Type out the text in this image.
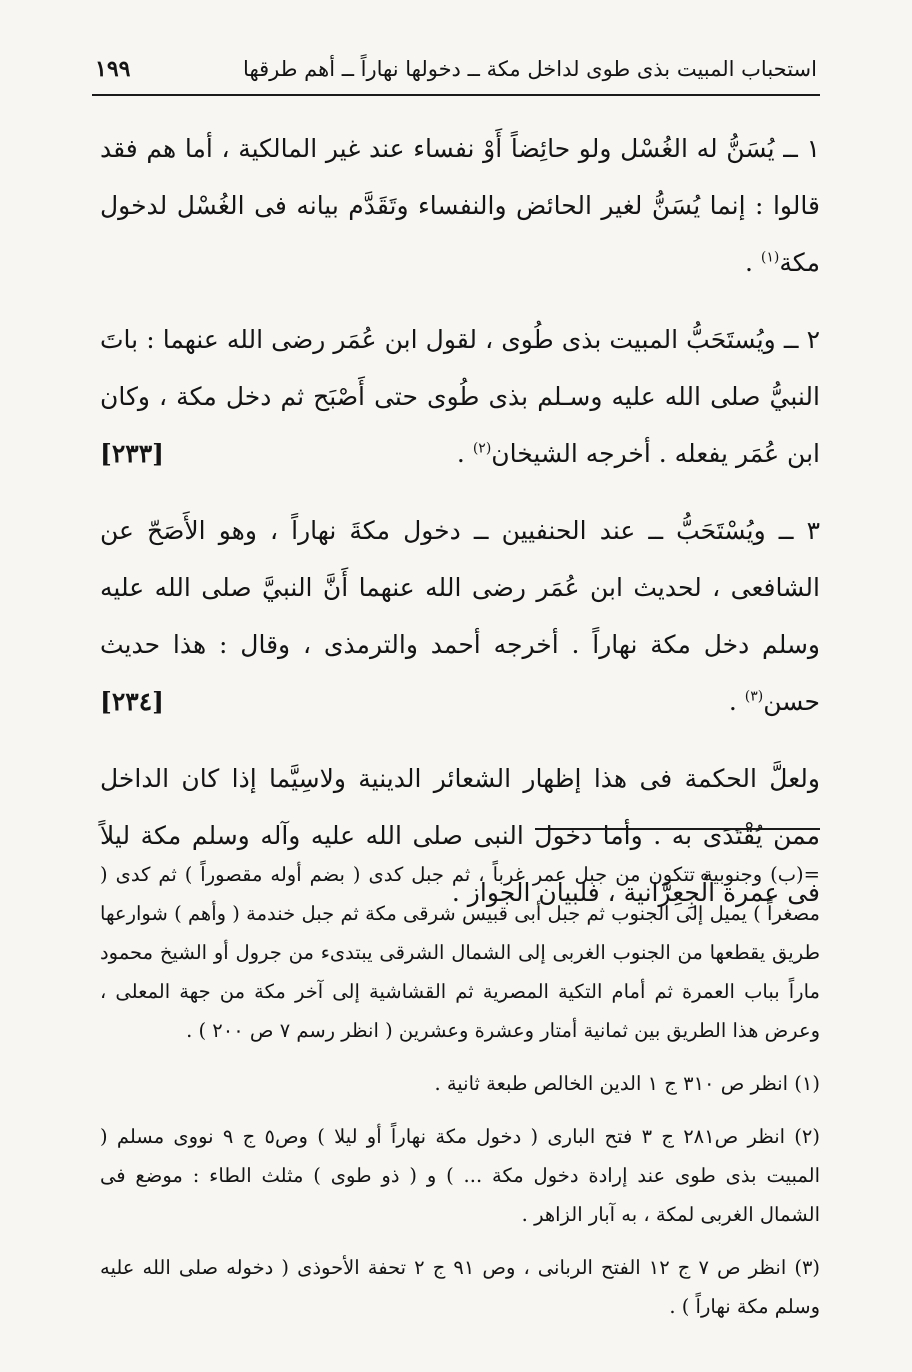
استحباب المبيت بذى طوى لداخل مكة ــ دخولها نهاراً ــ أهم طرقها
١٩٩

١ ــ يُسَنُّ له الغُسْل ولو حائِضاً أَوْ نفساء عند غير المالكية ، أما هم فقد قالوا : إنما يُسَنُّ لغير الحائض والنفساء وتَقَدَّم بيانه فى الغُسْل لدخول مكة$^{(١)}$ .

٢ ــ ويُستَحَبُّ المبيت بذى طُوى ، لقول ابن عُمَر رضى الله عنهما : باتَ النبيُّ صلى الله عليه وسـلم بذى طُوى حتى أَصْبَح ثم دخل مكة ، وكان ابن عُمَر يفعله . أخرجه الشيخان$^{(٢)}$ .
[٢٣٣]

٣ ــ ويُسْتَحَبُّ ــ عند الحنفيين ــ دخول مكةَ نهاراً ، وهو الأَصَحّ عن الشافعى ، لحديث ابن عُمَر رضى الله عنهما أَنَّ النبيَّ صلى الله عليه وسلم دخل مكة نهاراً . أخرجه أحمد والترمذى ، وقال : هذا حديث حسن$^{(٣)}$ .
[٢٣٤]

ولعلَّ الحكمة فى هذا إظهار الشعائر الدينية ولاسِيَّما إذا كان الداخل ممن يُقْتَدَى به . وأما دخول النبى صلى الله عليه وآله وسلم مكة ليلاً فى عمرة الْجِعِرَّانية ، فلبيان الجواز .

=(ب) وجنوبية تتكون من جبل عمر غرباً ، ثم جبل كدى ( بضم أوله مقصوراً ) ثم كدى ( مصغراً ) يميل إلى الجنوب ثم جبل أبى قبيس شرقى مكة ثم جبل خندمة ( وأهم ) شوارعها طريق يقطعها من الجنوب الغربى إلى الشمال الشرقى يبتدىء من جرول أو الشيخ محمود ماراً بباب العمرة ثم أمام التكية المصرية ثم القشاشية إلى آخر مكة من جهة المعلى ، وعرض هذا الطريق بين ثمانية أمتار وعشرة وعشرين ( انظر رسم ٧ ص ٢٠٠ ) .

(١) انظر ص ٣١٠ ج ١ الدين الخالص طبعة ثانية .

(٢) انظر ص٢٨١ ج ٣ فتح البارى ( دخول مكة نهاراً أو ليلا ) وص٥ ج ٩ نووى مسلم ( المبيت بذى طوى عند إرادة دخول مكة ... ) و ( ذو طوى ) مثلث الطاء : موضع فى الشمال الغربى لمكة ، به آبار الزاهر .

(٣) انظر ص ٧ ج ١٢ الفتح الربانى ، وص ٩١ ج ٢ تحفة الأحوذى ( دخوله صلى الله عليه وسلم مكة نهاراً ) .
